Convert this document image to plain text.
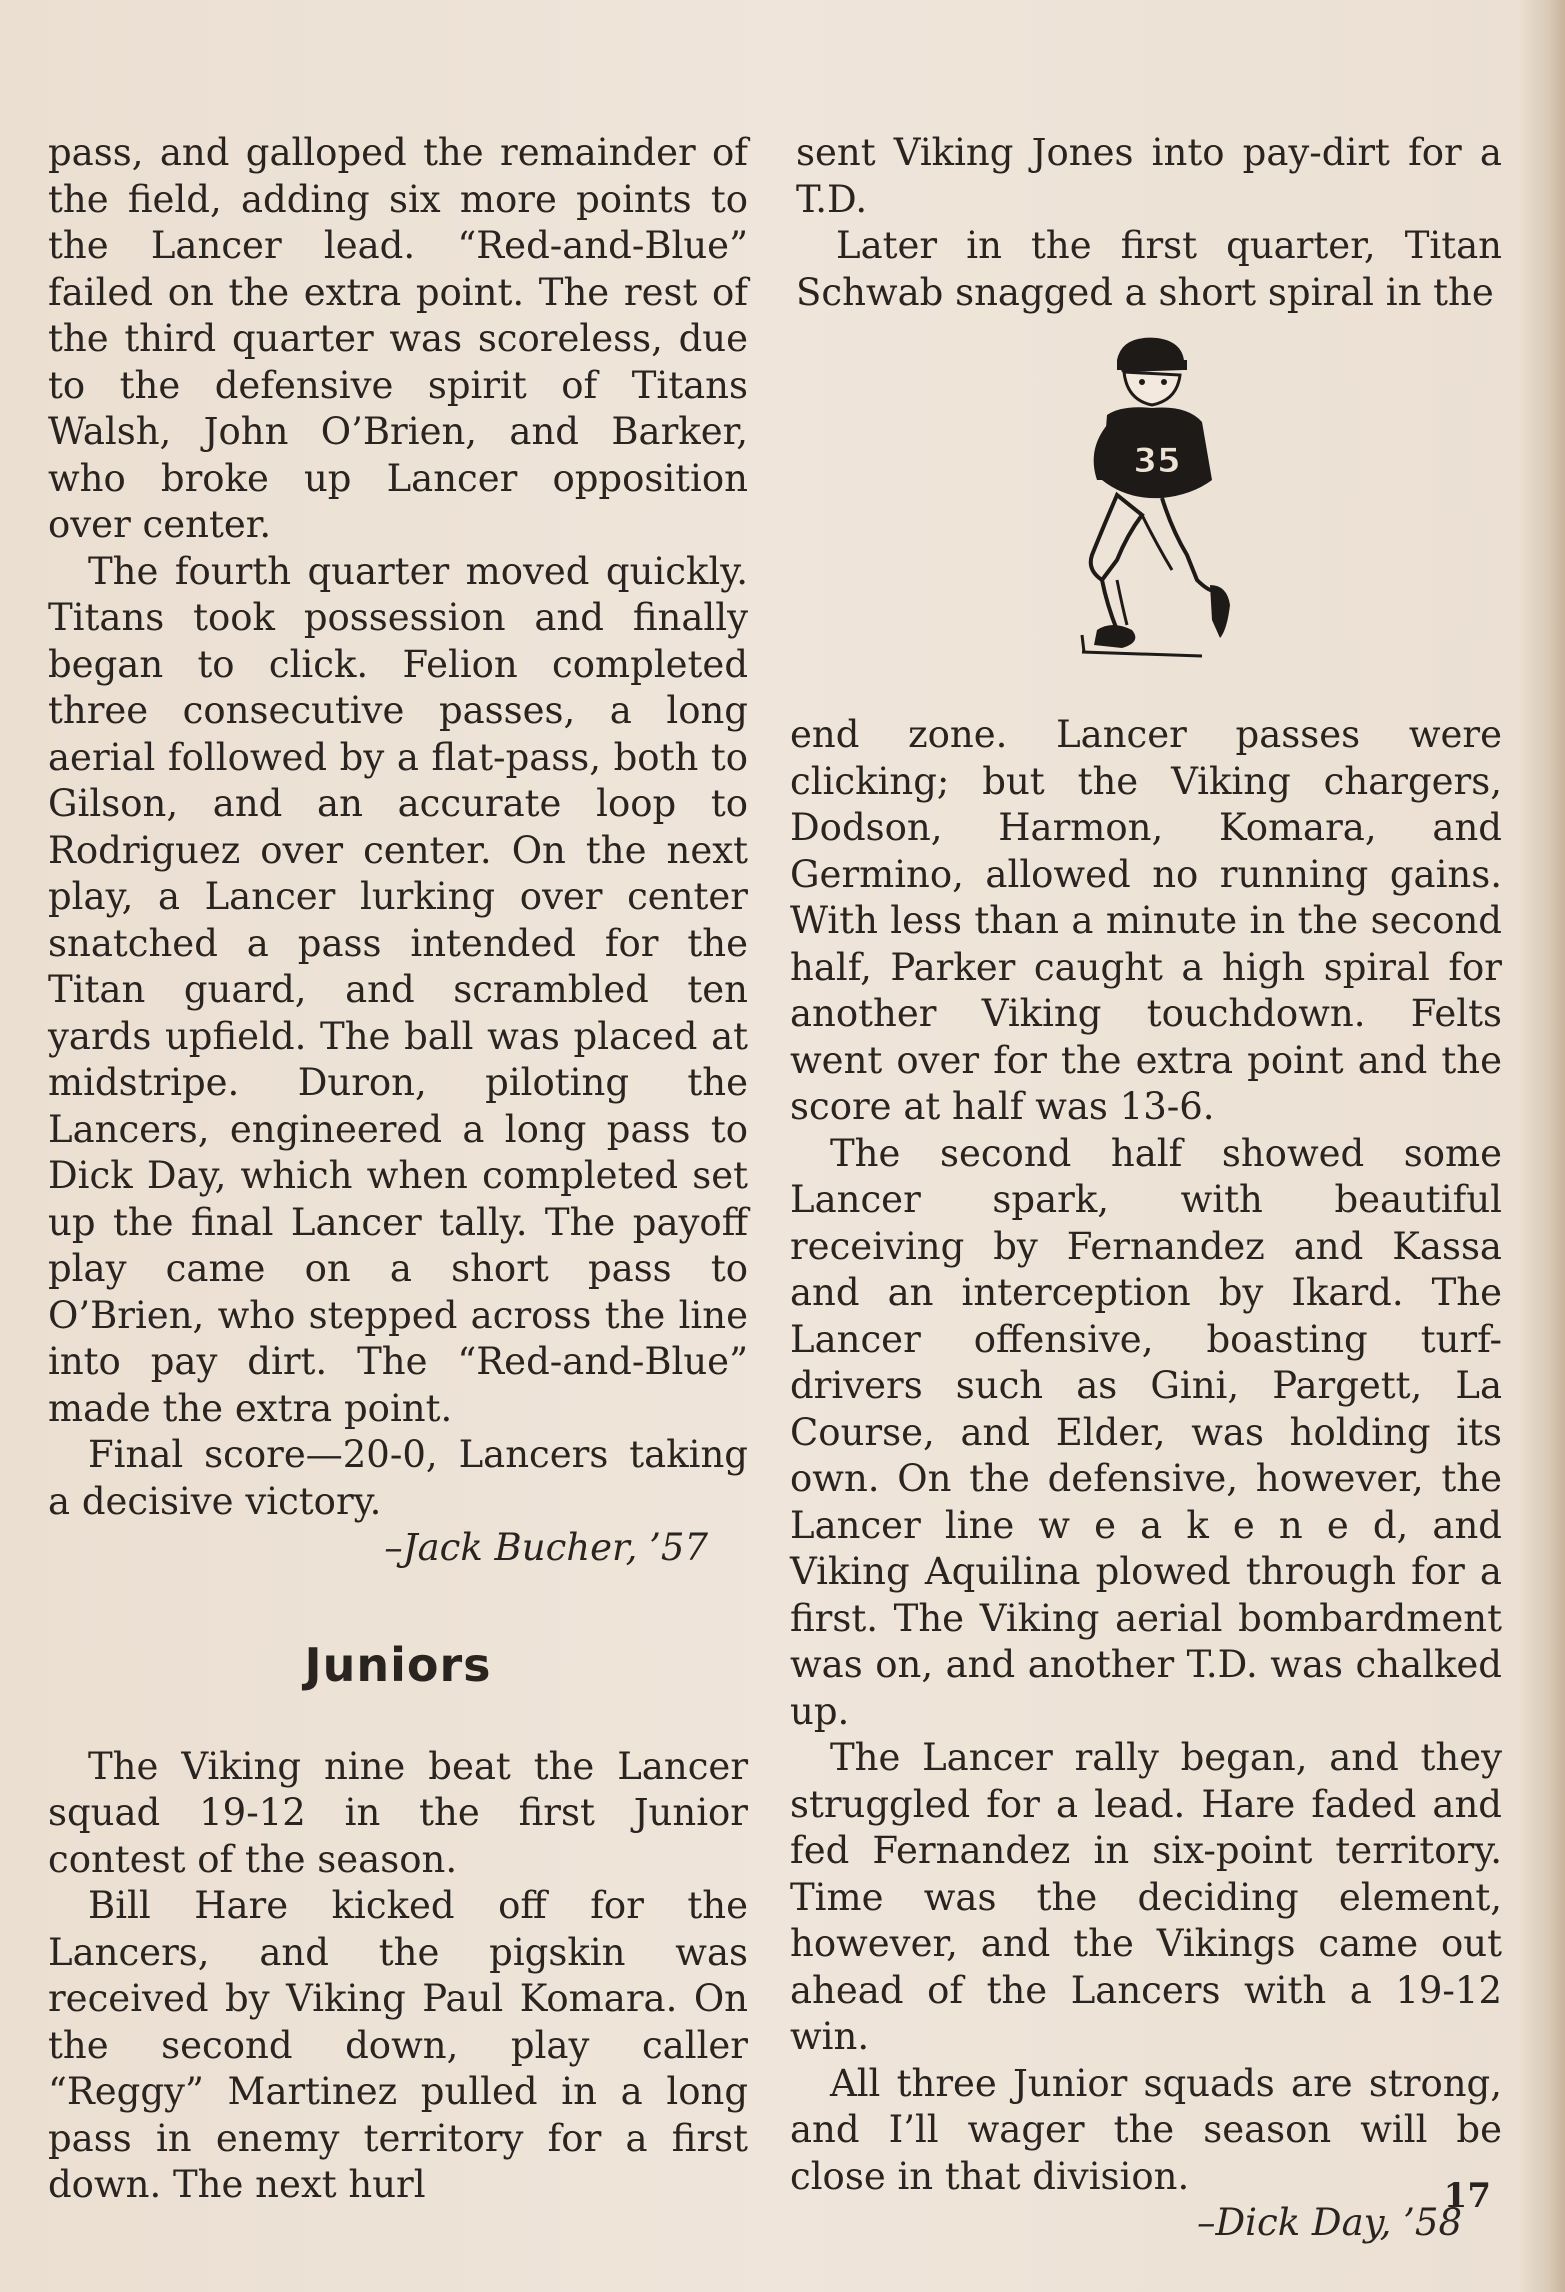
pass, and galloped the remainder of the field, adding six more points to the Lancer lead. “Red-and-Blue” failed on the extra point. The rest of the third quarter was scoreless, due to the defensive spirit of Titans Walsh, John O’Brien, and Barker, who broke up Lancer opposition over center.

The fourth quarter moved quickly. Titans took possession and finally began to click. Felion completed three consecutive passes, a long aerial followed by a flat-pass, both to Gilson, and an accurate loop to Rodriguez over center. On the next play, a Lancer lurking over center snatched a pass intended for the Titan guard, and scrambled ten yards upfield. The ball was placed at midstripe. Duron, piloting the Lancers, engineered a long pass to Dick Day, which when completed set up the final Lancer tally. The payoff play came on a short pass to O’Brien, who stepped across the line into pay dirt. The “Red-and-Blue” made the extra point.

Final score—20-0, Lancers taking a decisive victory.

–Jack Bucher, ’57

Juniors

The Viking nine beat the Lancer squad 19-12 in the first Junior contest of the season.

Bill Hare kicked off for the Lancers, and the pigskin was received by Viking Paul Komara. On the second down, play caller “Reggy” Martinez pulled in a long pass in enemy territory for a first down. The next hurl

sent Viking Jones into pay-dirt for a T.D.

Later in the first quarter, Titan Schwab snagged a short spiral in the

35

end zone. Lancer passes were clicking; but the Viking chargers, Dodson, Harmon, Komara, and Germino, allowed no running gains. With less than a minute in the second half, Parker caught a high spiral for another Viking touchdown. Felts went over for the extra point and the score at half was 13-6.

The second half showed some Lancer spark, with beautiful receiving by Fernandez and Kassa and an interception by Ikard. The Lancer offensive, boasting turf-drivers such as Gini, Pargett, La Course, and Elder, was holding its own. On the defensive, however, the Lancer line w e a k e n e d, and Viking Aquilina plowed through for a first. The Viking aerial bombardment was on, and another T.D. was chalked up.

The Lancer rally began, and they struggled for a lead. Hare faded and fed Fernandez in six-point territory. Time was the deciding element, however, and the Vikings came out ahead of the Lancers with a 19-12 win.

All three Junior squads are strong, and I’ll wager the season will be close in that division.

–Dick Day, ’58

17
